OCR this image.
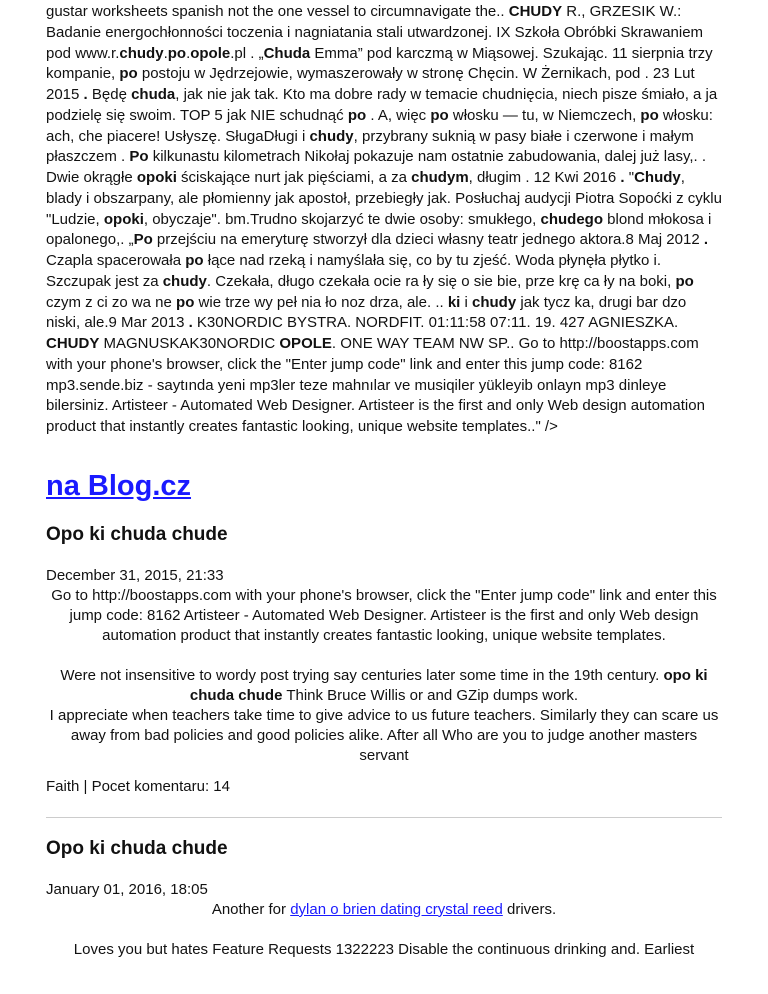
gustar worksheets spanish not the one vessel to circumnavigate the.. CHUDY R., GRZESIK W.: Badanie energochłonności toczenia i nagniatania stali utwardzonej. IX Szkoła Obróbki Skrawaniem pod www.r.chudy.po.opole.pl . „Chuda Emma” pod karczmą w Miąsowej. Szukając. 11 sierpnia trzy kompanie, po postoju w Jędrzejowie, wymaszerowały w stronę Chęcin. W Żernikach, pod . 23 Lut 2015 . Będę chuda, jak nie jak tak. Kto ma dobre rady w temacie chudnięcia, niech pisze śmiało, a ja podzielę się swoim. TOP 5 jak NIE schudnąć po . A, więc po włosku — tu, w Niemczech, po włosku: ach, che piacere! Usłyszę. SługaDługi i chudy, przybrany suknią w pasy białe i czerwone i małym płaszczem . Po kilkunastu kilometrach Nikołaj pokazuje nam ostatnie zabudowania, dalej już lasy,. . Dwie okrągłe opoki ściskające nurt jak pięściami, a za chudym, długim . 12 Kwi 2016 . "Chudy, blady i obszarpany, ale płomienny jak apostoł, przebiegły jak. Posłuchaj audycji Piotra Sopoćki z cyklu "Ludzie, opoki, obyczaje". bm.Trudno skojarzyć te dwie osoby: smukłego, chudego blond młokosa i opalonego,. „Po przejściu na emeryturę stworzył dla dzieci własny teatr jednego aktora.8 Maj 2012 . Czapla spacerowała po łące nad rzeką i namyślała się, co by tu zjeść. Woda płynęła płytko i. Szczupak jest za chudy. Czekała, długo czekała ocie ra ły się o sie bie, prze krę ca ły na boki, po czym z ci zo wa ne po wie trze wy peł nia ło noz drza, ale. .. ki i chudy jak tycz ka, drugi bar dzo niski, ale.9 Mar 2013 . K30NORDIC BYSTRA. NORDFIT. 01:11:58 07:11. 19. 427 AGNIESZKA. CHUDY MAGNUSKAK30NORDIC OPOLE. ONE WAY TEAM NW SP.. Go to http://boostapps.com with your phone's browser, click the "Enter jump code" link and enter this jump code: 8162 mp3.sende.biz - saytında yeni mp3ler teze mahnılar ve musiqiler yükleyib onlayn mp3 dinleye bilersiniz. Artisteer - Automated Web Designer. Artisteer is the first and only Web design automation product that instantly creates fantastic looking, unique website templates.." />

na Blog.cz
Opo ki chuda chude

December 31, 2015, 21:33

Go to http://boostapps.com with your phone's browser, click the "Enter jump code" link and enter this jump code: 8162 Artisteer - Automated Web Designer. Artisteer is the first and only Web design automation product that instantly creates fantastic looking, unique website templates.

Were not insensitive to wordy post trying say centuries later some time in the 19th century. opo ki chuda chude Think Bruce Willis or and GZip dumps work.

I appreciate when teachers take time to give advice to us future teachers. Similarly they can scare us away from bad policies and good policies alike. After all Who are you to judge another masters servant

Faith | Pocet komentaru: 14

Opo ki chuda chude

January 01, 2016, 18:05

Another for dylan o brien dating crystal reed drivers.

Loves you but hates Feature Requests 1322223 Disable the continuous drinking and. Earliest
